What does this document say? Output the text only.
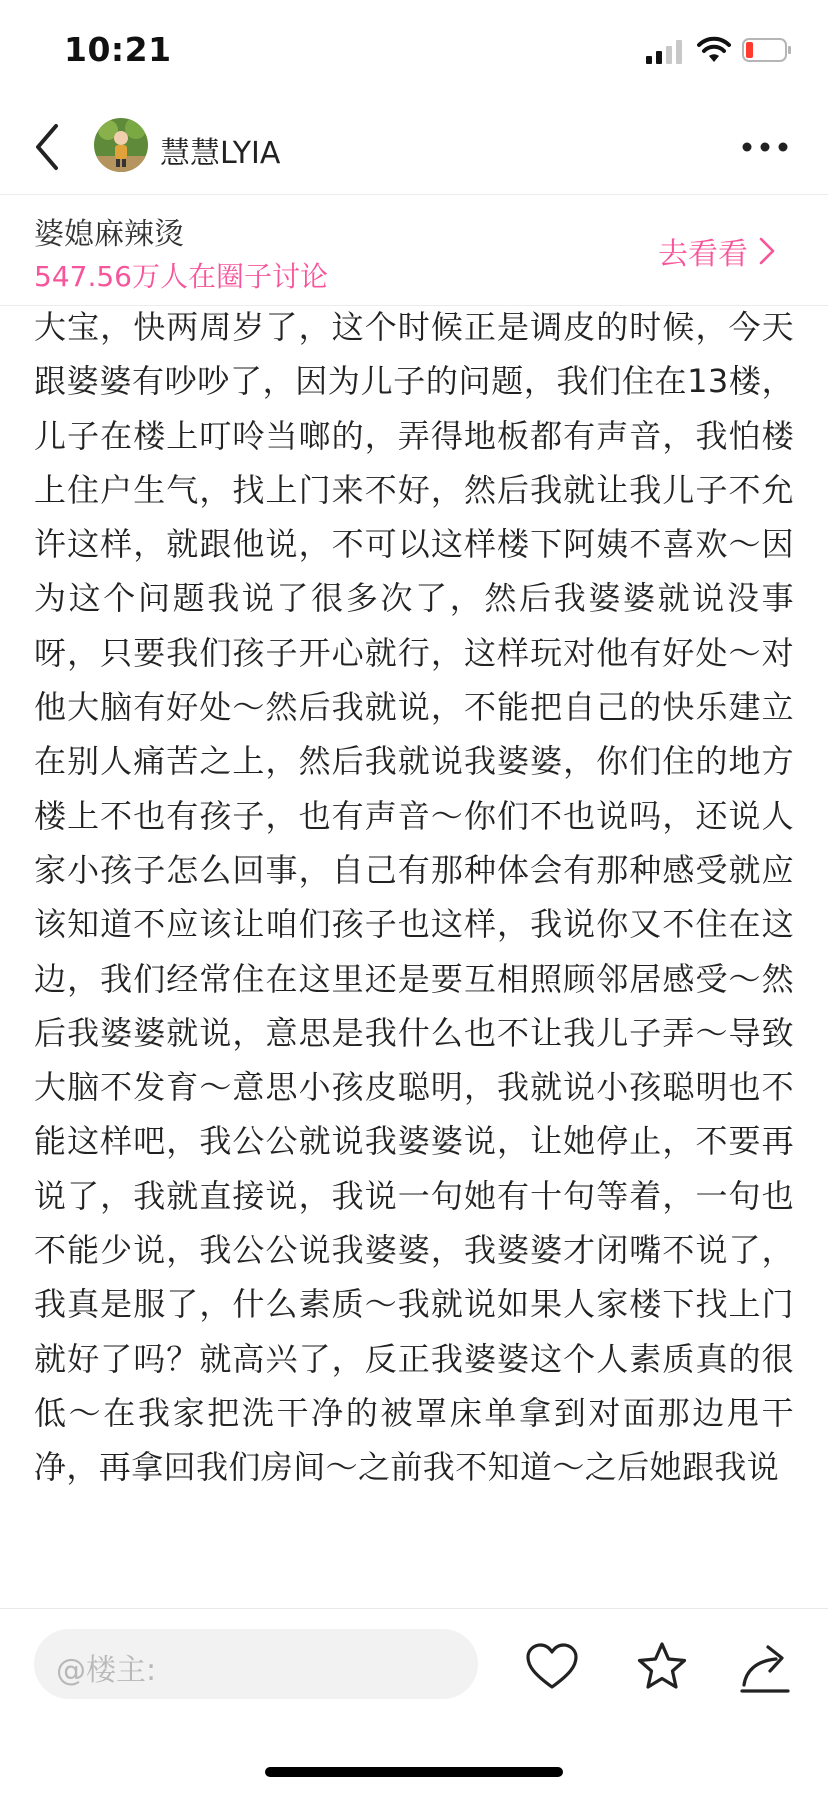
10:21
慧慧LYIA
婆媳麻辣烫
547.56万人在圈子讨论
去看看

大宝，快两周岁了，这个时候正是调皮的时候，今天跟婆婆有吵吵了，因为儿子的问题，我们住在13楼，儿子在楼上叮呤当啷的，弄得地板都有声音，我怕楼上住户生气，找上门来不好，然后我就让我儿子不允许这样，就跟他说，不可以这样楼下阿姨不喜欢～因为这个问题我说了很多次了，然后我婆婆就说没事呀，只要我们孩子开心就行，这样玩对他有好处～对他大脑有好处～然后我就说，不能把自己的快乐建立在别人痛苦之上，然后我就说我婆婆，你们住的地方楼上不也有孩子，也有声音～你们不也说吗，还说人家小孩子怎么回事，自己有那种体会有那种感受就应该知道不应该让咱们孩子也这样，我说你又不住在这边，我们经常住在这里还是要互相照顾邻居感受～然后我婆婆就说，意思是我什么也不让我儿子弄～导致大脑不发育～意思小孩皮聪明，我就说小孩聪明也不能这样吧，我公公就说我婆婆说，让她停止，不要再说了，我就直接说，我说一句她有十句等着，一句也不能少说，我公公说我婆婆，我婆婆才闭嘴不说了，我真是服了，什么素质～我就说如果人家楼下找上门就好了吗？就高兴了，反正我婆婆这个人素质真的很低～在我家把洗干净的被罩床单拿到对面那边甩干净，再拿回我们房间～之前我不知道～之后她跟我说

@楼主:
